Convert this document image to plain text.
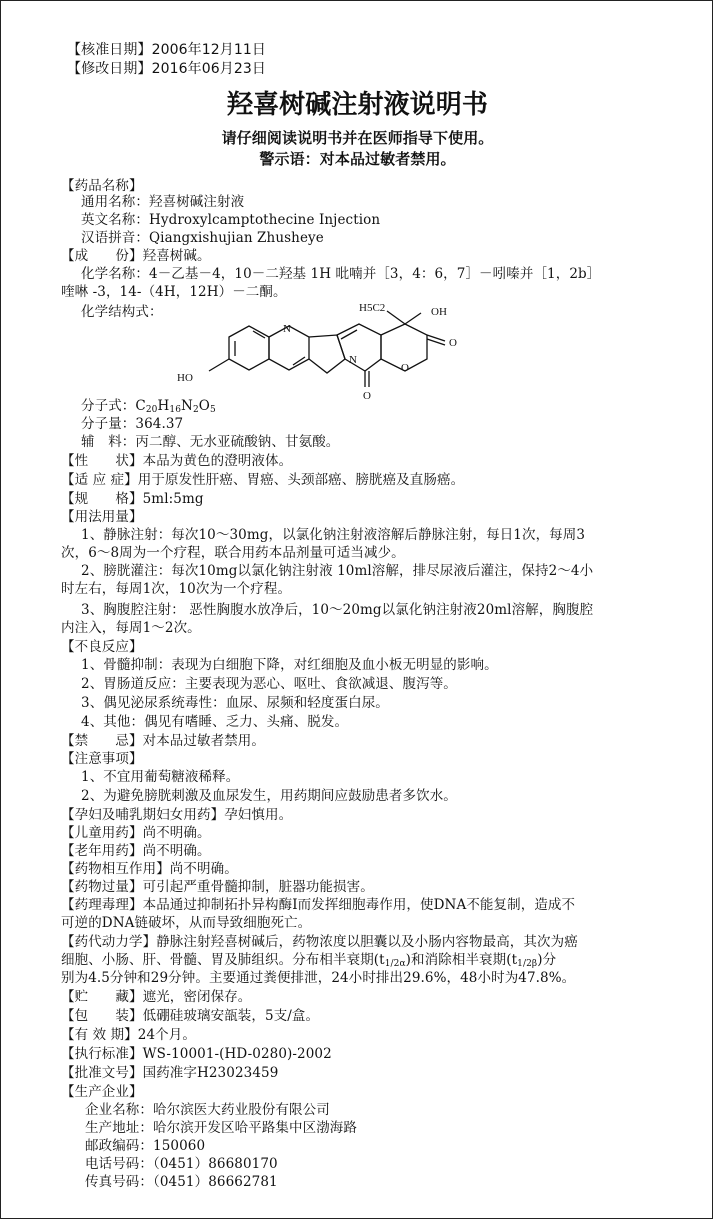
【核准日期】2006年12月11日
【修改日期】2016年06月23日
羟喜树碱注射液说明书
请仔细阅读说明书并在医师指导下使用。
警示语：对本品过敏者禁用。
【药品名称】
通用名称：羟喜树碱注射液
英文名称：Hydroxylcamptothecine Injection
汉语拼音：Qiangxishujian Zhusheye
【成　　份】羟喜树碱。
化学名称：4－乙基－4，10－二羟基 1H 吡喃并［3，4：6，7］－吲嗪并［1，2b］
喹啉 -3，14-（4H，12H）－二酮。
化学结构式：
N
H5C2	OH
O
O
N
O
HO
分子式：$C_{20}H_{16}N_2O_5$
分子量：364.37
辅　料：丙二醇、无水亚硫酸钠、甘氨酸。
【性　　状】本品为黄色的澄明液体。
【适 应 症】用于原发性肝癌、胃癌、头颈部癌、膀胱癌及直肠癌。
【规　　格】5ml:5mg
【用法用量】
1、静脉注射：每次10～30mg，以氯化钠注射液溶解后静脉注射，每日1次，每周3
次，6～8周为一个疗程，联合用药本品剂量可适当减少。
2、膀胱灌注：每次10mg以氯化钠注射液 10ml溶解，排尽尿液后灌注，保持2～4小
时左右，每周1次，10次为一个疗程。
3、胸腹腔注射： 恶性胸腹水放净后，10～20mg以氯化钠注射液20ml溶解，胸腹腔
内注入，每周1～2次。
【不良反应】
1、骨髓抑制：表现为白细胞下降，对红细胞及血小板无明显的影响。
2、胃肠道反应：主要表现为恶心、呕吐、食欲减退、腹泻等。
3、偶见泌尿系统毒性：血尿、尿频和轻度蛋白尿。
4、其他：偶见有嗜睡、乏力、头痛、脱发。
【禁　　忌】对本品过敏者禁用。
【注意事项】
1、不宜用葡萄糖液稀释。
2、为避免膀胱刺激及血尿发生，用药期间应鼓励患者多饮水。
【孕妇及哺乳期妇女用药】孕妇慎用。
【儿童用药】尚不明确。
【老年用药】尚不明确。
【药物相互作用】尚不明确。
【药物过量】可引起严重骨髓抑制，脏器功能损害。
【药理毒理】本品通过抑制拓扑异构酶Ⅰ而发挥细胞毒作用，使DNA不能复制，造成不
可逆的DNA链破坏，从而导致细胞死亡。
【药代动力学】静脉注射羟喜树碱后，药物浓度以胆囊以及小肠内容物最高，其次为癌
细胞、小肠、肝、骨髓、胃及肺组织。分布相半衰期$(t_{1/2\alpha})$和消除相半衰期$(t_{1/2\beta})$分
别为4.5分钟和29分钟。主要通过粪便排泄，24小时排出29.6%，48小时为47.8%。
【贮　　藏】遮光，密闭保存。
【包　　装】低硼硅玻璃安瓿装，5支/盒。
【有 效 期】24个月。
【执行标准】WS-10001-(HD-0280)-2002
【批准文号】国药准字H23023459
【生产企业】
企业名称：哈尔滨医大药业股份有限公司
生产地址：哈尔滨开发区哈平路集中区渤海路
邮政编码：150060
电话号码：（0451）86680170
传真号码：（0451）86662781
